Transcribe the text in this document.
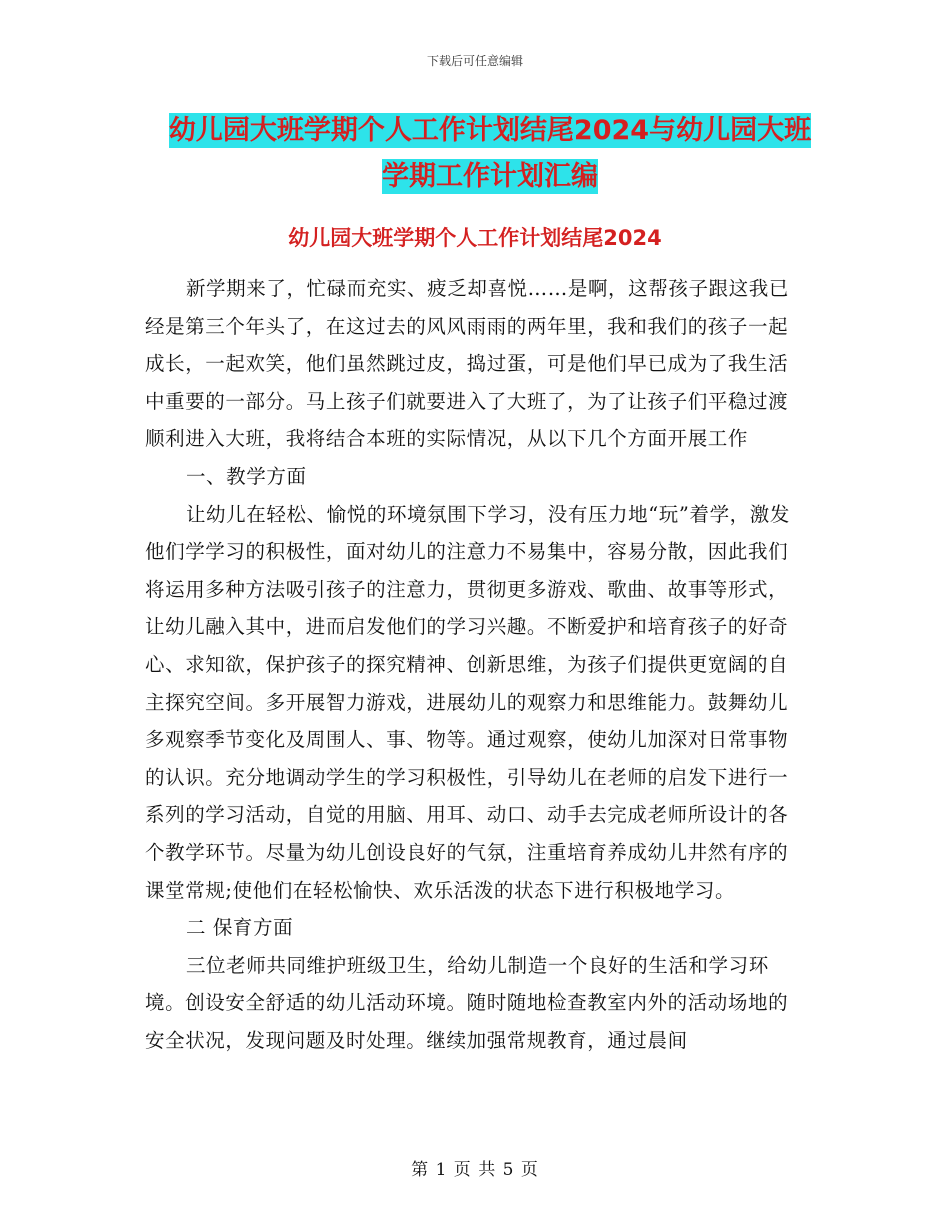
下载后可任意编辑
幼儿园大班学期个人工作计划结尾2024与幼儿园大班
学期工作计划汇编
幼儿园大班学期个人工作计划结尾2024

新学期来了，忙碌而充实、疲乏却喜悦……是啊，这帮孩子跟这我已经是第三个年头了，在这过去的风风雨雨的两年里，我和我们的孩子一起成长，一起欢笑，他们虽然跳过皮，捣过蛋，可是他们早已成为了我生活中重要的一部分。马上孩子们就要进入了大班了，为了让孩子们平稳过渡顺利进入大班，我将结合本班的实际情况，从以下几个方面开展工作

一、教学方面

让幼儿在轻松、愉悦的环境氛围下学习，没有压力地“玩”着学，激发他们学学习的积极性，面对幼儿的注意力不易集中，容易分散，因此我们将运用多种方法吸引孩子的注意力，贯彻更多游戏、歌曲、故事等形式，让幼儿融入其中，进而启发他们的学习兴趣。不断爱护和培育孩子的好奇心、求知欲，保护孩子的探究精神、创新思维，为孩子们提供更宽阔的自主探究空间。多开展智力游戏，进展幼儿的观察力和思维能力。鼓舞幼儿多观察季节变化及周围人、事、物等。通过观察，使幼儿加深对日常事物的认识。充分地调动学生的学习积极性，引导幼儿在老师的启发下进行一系列的学习活动，自觉的用脑、用耳、动口、动手去完成老师所设计的各个教学环节。尽量为幼儿创设良好的气氛，注重培育养成幼儿井然有序的课堂常规;使他们在轻松愉快、欢乐活泼的状态下进行积极地学习。

二 保育方面

三位老师共同维护班级卫生，给幼儿制造一个良好的生活和学习环境。创设安全舒适的幼儿活动环境。随时随地检查教室内外的活动场地的安全状况，发现问题及时处理。继续加强常规教育，通过晨间

第 1 页 共 5 页
